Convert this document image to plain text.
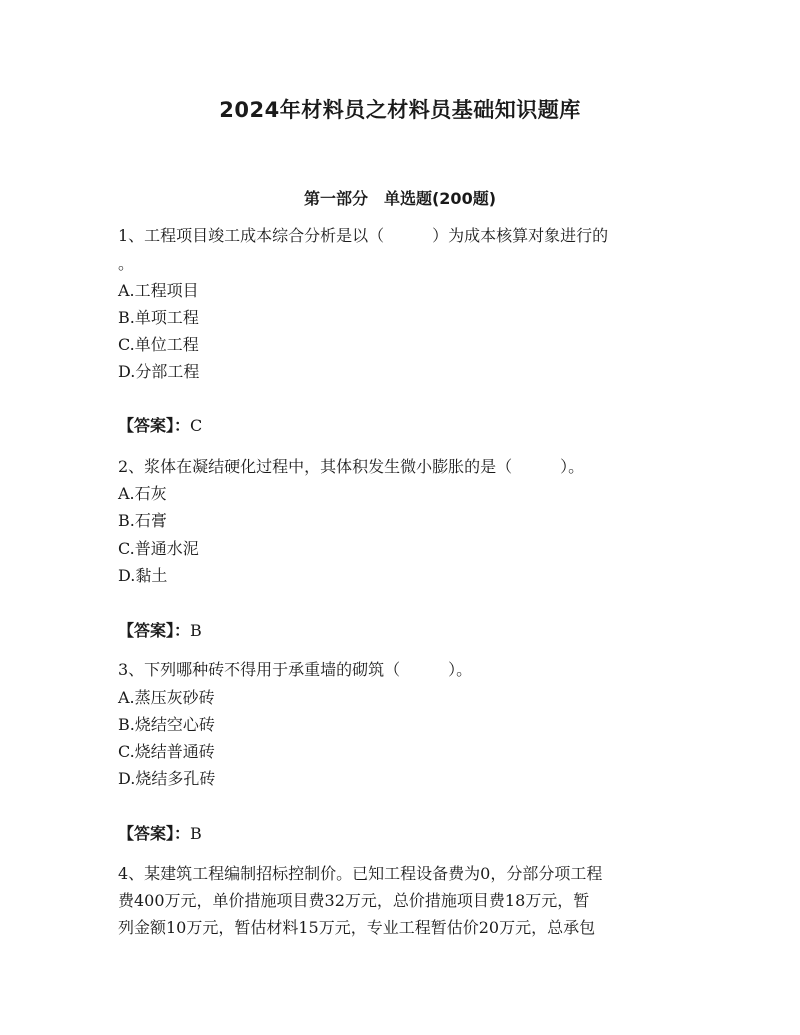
2024年材料员之材料员基础知识题库
第一部分　单选题(200题)
1、工程项目竣工成本综合分析是以（　　　）为成本核算对象进行的
。
A.工程项目
B.单项工程
C.单位工程
D.分部工程
【答案】：C
2、浆体在凝结硬化过程中，其体积发生微小膨胀的是（　　　）。
A.石灰
B.石膏
C.普通水泥
D.黏土
【答案】：B
3、下列哪种砖不得用于承重墙的砌筑（　　　）。
A.蒸压灰砂砖
B.烧结空心砖
C.烧结普通砖
D.烧结多孔砖
【答案】：B
4、某建筑工程编制招标控制价。已知工程设备费为0，分部分项工程
费400万元，单价措施项目费32万元，总价措施项目费18万元，暂
列金额10万元，暂估材料15万元，专业工程暂估价20万元，总承包
